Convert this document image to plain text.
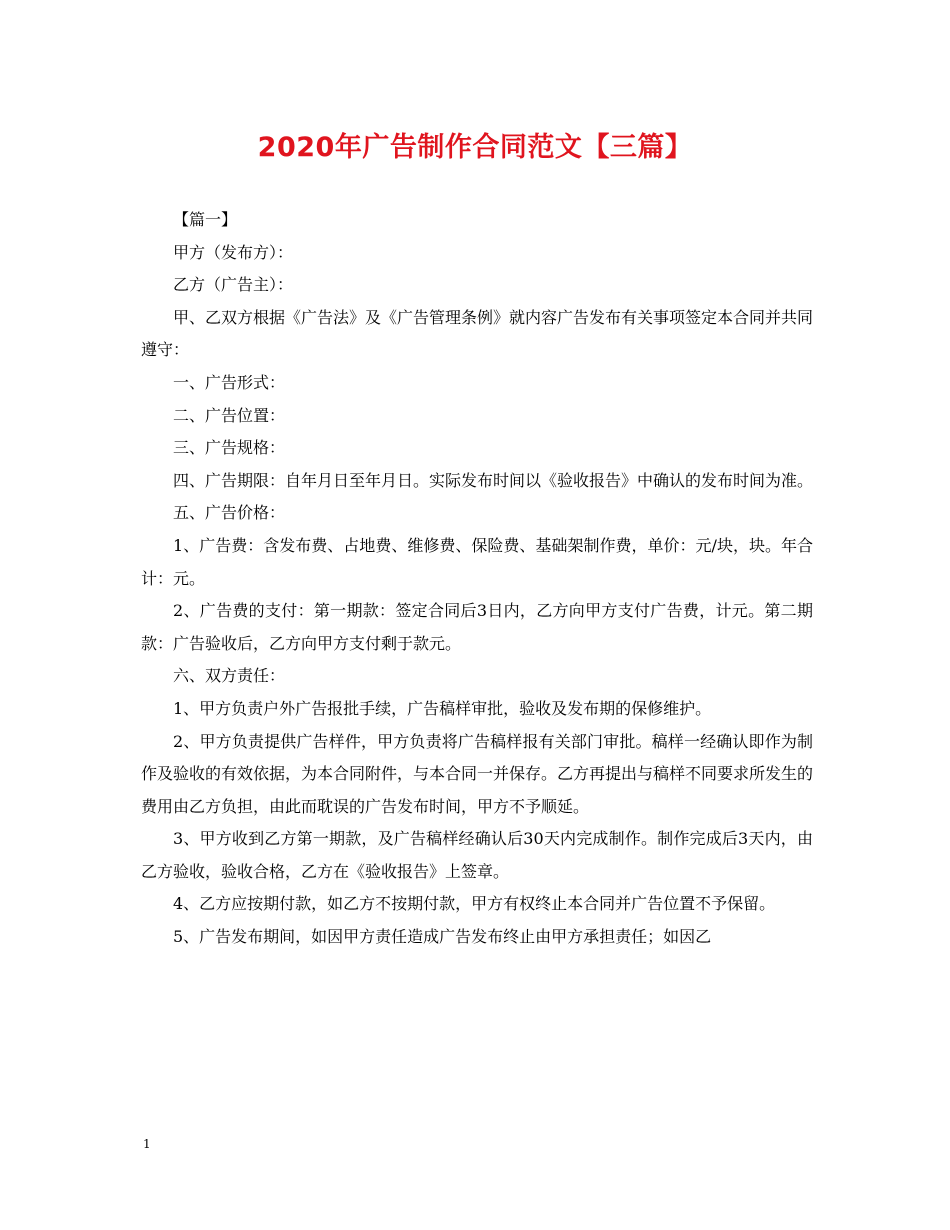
2020年广告制作合同范文【三篇】

【篇一】

甲方（发布方）：

乙方（广告主）：

甲、乙双方根据《广告法》及《广告管理条例》就内容广告发布有关事项签定本合同并共同遵守：

一、广告形式：

二、广告位置：

三、广告规格：

四、广告期限：自年月日至年月日。实际发布时间以《验收报告》中确认的发布时间为准。

五、广告价格：

1、广告费：含发布费、占地费、维修费、保险费、基础架制作费，单价：元/块，块。年合计：元。

2、广告费的支付：第一期款：签定合同后3日内，乙方向甲方支付广告费，计元。第二期款：广告验收后，乙方向甲方支付剩于款元。

六、双方责任：

1、甲方负责户外广告报批手续，广告稿样审批，验收及发布期的保修维护。

2、甲方负责提供广告样件，甲方负责将广告稿样报有关部门审批。稿样一经确认即作为制作及验收的有效依据，为本合同附件，与本合同一并保存。乙方再提出与稿样不同要求所发生的费用由乙方负担，由此而耽误的广告发布时间，甲方不予顺延。

3、甲方收到乙方第一期款，及广告稿样经确认后30天内完成制作。制作完成后3天内，由乙方验收，验收合格，乙方在《验收报告》上签章。

4、乙方应按期付款，如乙方不按期付款，甲方有权终止本合同并广告位置不予保留。

5、广告发布期间，如因甲方责任造成广告发布终止由甲方承担责任；如因乙

1
